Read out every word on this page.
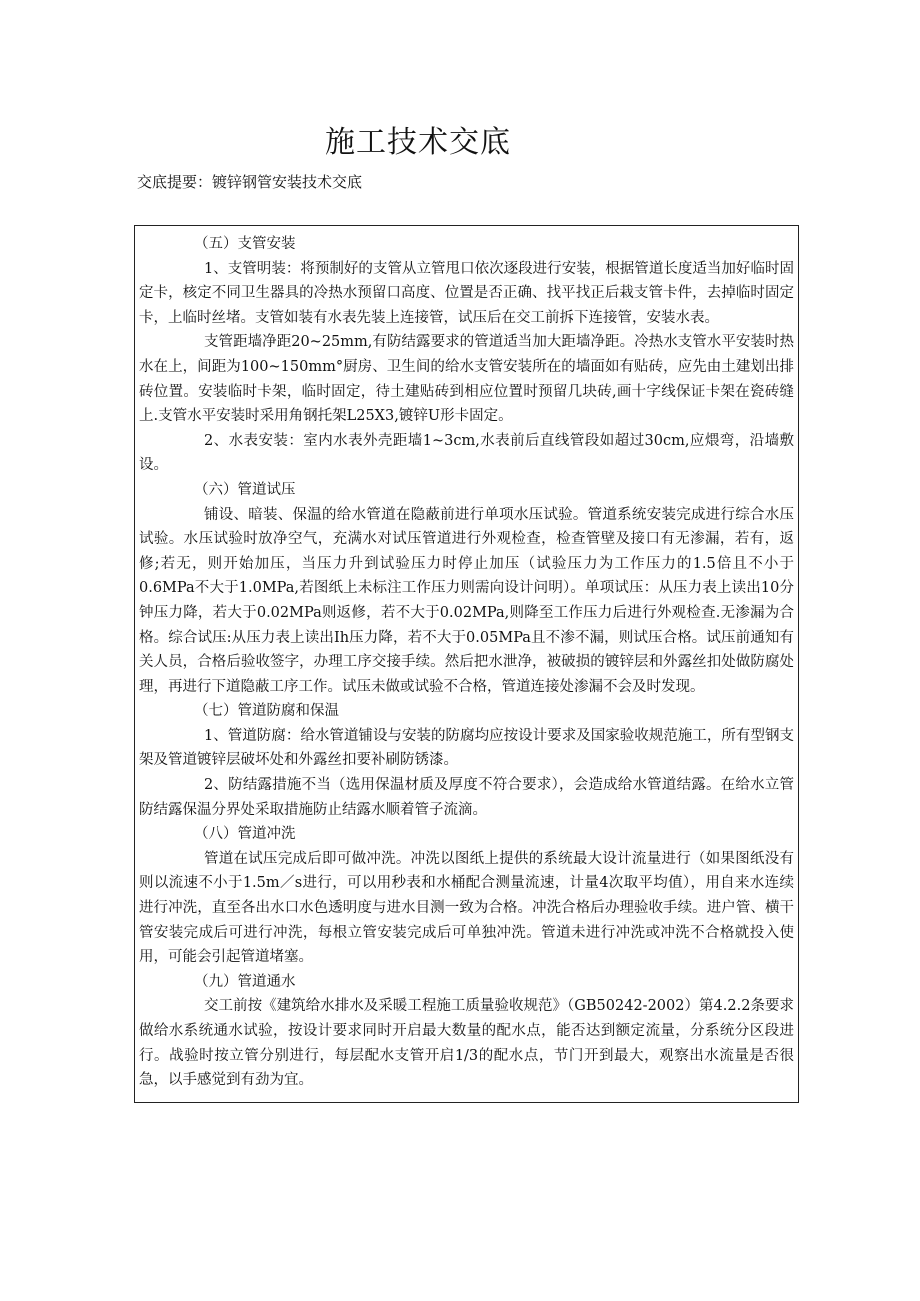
施工技术交底

交底提要：镀锌钢管安装技术交底

（五）支管安装

1、支管明装：将预制好的支管从立管甩口依次逐段进行安装，根据管道长度适当加好临时固定卡，核定不同卫生器具的冷热水预留口高度、位置是否正确、找平找正后栽支管卡件，去掉临时固定卡，上临时丝堵。支管如装有水表先装上连接管，试压后在交工前拆下连接管，安装水表。

支管距墙净距20~25mm,有防结露要求的管道适当加大距墙净距。冷热水支管水平安装时热水在上，间距为100~150mm°厨房、卫生间的给水支管安装所在的墙面如有贴砖，应先由土建划出排砖位置。安装临时卡架，临时固定，待土建贴砖到相应位置时预留几块砖,画十字线保证卡架在瓷砖缝上.支管水平安装时采用角钢托架L25X3,镀锌U形卡固定。

2、水表安装：室内水表外壳距墙1~3cm,水表前后直线管段如超过30cm,应煨弯，沿墙敷设。

（六）管道试压

铺设、暗装、保温的给水管道在隐蔽前进行单项水压试验。管道系统安装完成进行综合水压试验。水压试验时放净空气，充满水对试压管道进行外观检查，检查管壁及接口有无渗漏，若有，返修;若无，则开始加压，当压力升到试验压力时停止加压（试验压力为工作压力的1.5倍且不小于0.6MPa不大于1.0MPa,若图纸上未标注工作压力则需向设计问明）。单项试压：从压力表上读出10分钟压力降，若大于0.02MPa则返修，若不大于0.02MPa,则降至工作压力后进行外观检查.无渗漏为合格。综合试压:从压力表上读出Ih压力降，若不大于0.05MPa且不渗不漏，则试压合格。试压前通知有关人员，合格后验收签字，办理工序交接手续。然后把水泄净，被破损的镀锌层和外露丝扣处做防腐处理，再进行下道隐蔽工序工作。试压未做或试验不合格，管道连接处渗漏不会及时发现。

（七）管道防腐和保温

1、管道防腐：给水管道铺设与安装的防腐均应按设计要求及国家验收规范施工，所有型钢支架及管道镀锌层破坏处和外露丝扣要补刷防锈漆。

2、防结露措施不当（选用保温材质及厚度不符合要求），会造成给水管道结露。在给水立管防结露保温分界处采取措施防止结露水顺着管子流滴。

（八）管道冲洗

管道在试压完成后即可做冲洗。冲洗以图纸上提供的系统最大设计流量进行（如果图纸没有则以流速不小于1.5m／s进行，可以用秒表和水桶配合测量流速，计量4次取平均值），用自来水连续进行冲洗，直至各出水口水色透明度与进水目测一致为合格。冲洗合格后办理验收手续。进户管、横干管安装完成后可进行冲洗，每根立管安装完成后可单独冲洗。管道未进行冲洗或冲洗不合格就投入使用，可能会引起管道堵塞。

（九）管道通水

交工前按《建筑给水排水及采暖工程施工质量验收规范》（GB50242-2002）第4.2.2条要求做给水系统通水试验，按设计要求同时开启最大数量的配水点，能否达到额定流量，分系统分区段进行。战验时按立管分别进行，每层配水支管开启1/3的配水点，节门开到最大，观察出水流量是否很急，以手感觉到有劲为宜。
